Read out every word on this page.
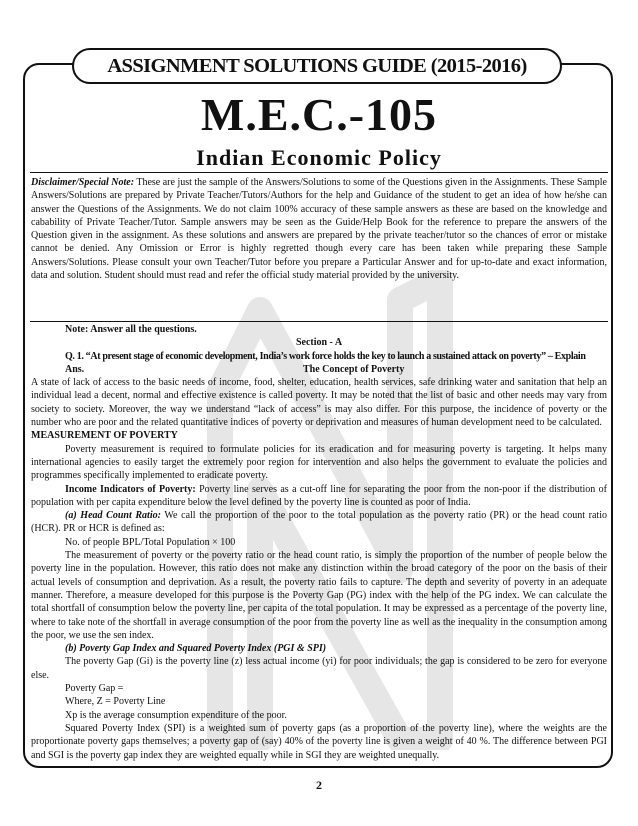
ASSIGNMENT SOLUTIONS GUIDE (2015-2016)
M.E.C.-105
Indian Economic Policy

Disclaimer/Special Note: These are just the sample of the Answers/Solutions to some of the Questions given in the Assignments. These Sample Answers/Solutions are prepared by Private Teacher/Tutors/Authors for the help and Guidance of the student to get an idea of how he/she can answer the Questions of the Assignments. We do not claim 100% accuracy of these sample answers as these are based on the knowledge and cabability of Private Teacher/Tutor. Sample answers may be seen as the Guide/Help Book for the reference to prepare the answers of the Question given in the assignment. As these solutions and answers are prepared by the private teacher/tutor so the chances of error or mistake cannot be denied. Any Omission or Error is highly regretted though every care has been taken while preparing these Sample Answers/Solutions. Please consult your own Teacher/Tutor before you prepare a Particular Answer and for up-to-date and exact information, data and solution. Student should must read and refer the official study material provided by the university.

Note: Answer all the questions.

Section - A

Q. 1. “At present stage of economic development, India’s work force holds the key to launch a sustained attack on poverty” – Explain

Ans.	The Concept of Poverty

A state of lack of access to the basic needs of income, food, shelter, education, health services, safe drinking water and sanitation that help an individual lead a decent, normal and effective existence is called poverty. It may be noted that the list of basic and other needs may vary from society to society. Moreover, the way we understand “lack of access” is may also differ. For this purpose, the incidence of poverty or the number who are poor and the related quantitative indices of poverty or deprivation and measures of human development need to be calculated.

MEASUREMENT OF POVERTY

Poverty measurement is required to formulate policies for its eradication and for measuring poverty is targeting. It helps many international agencies to easily target the extremely poor region for intervention and also helps the government to evaluate the policies and programmes specifically implemented to eradicate poverty.

Income Indicators of Poverty: Poverty line serves as a cut-off line for separating the poor from the non-poor if the distribution of population with per capita expenditure below the level defined by the poverty line is counted as poor of India.

(a) Head Count Ratio: We call the proportion of the poor to the total population as the poverty ratio (PR) or the head count ratio (HCR). PR or HCR is defined as:

No. of people BPL/Total Population × 100

The measurement of poverty or the poverty ratio or the head count ratio, is simply the proportion of the number of people below the poverty line in the population. However, this ratio does not make any distinction within the broad category of the poor on the basis of their actual levels of consumption and deprivation. As a result, the poverty ratio fails to capture. The depth and severity of poverty in an adequate manner. Therefore, a measure developed for this purpose is the Poverty Gap (PG) index with the help of the PG index. We can calculate the total shortfall of consumption below the poverty line, per capita of the total population. It may be expressed as a percentage of the poverty line, where to take note of the shortfall in average consumption of the poor from the poverty line as well as the inequality in the consumption among the poor, we use the sen index.

(b) Poverty Gap Index and Squared Poverty Index (PGI & SPI)

The poverty Gap (Gi) is the poverty line (z) less actual income (yi) for poor individuals; the gap is considered to be zero for everyone else.

Poverty Gap =

Where, Z = Poverty Line

Xp is the average consumption expenditure of the poor.

Squared Poverty Index (SPI) is a weighted sum of poverty gaps (as a proportion of the poverty line), where the weights are the proportionate poverty gaps themselves; a poverty gap of (say) 40% of the poverty line is given a weight of 40 %. The difference between PGI and SGI is the poverty gap index they are weighted equally while in SGI they are weighted unequally.

2
